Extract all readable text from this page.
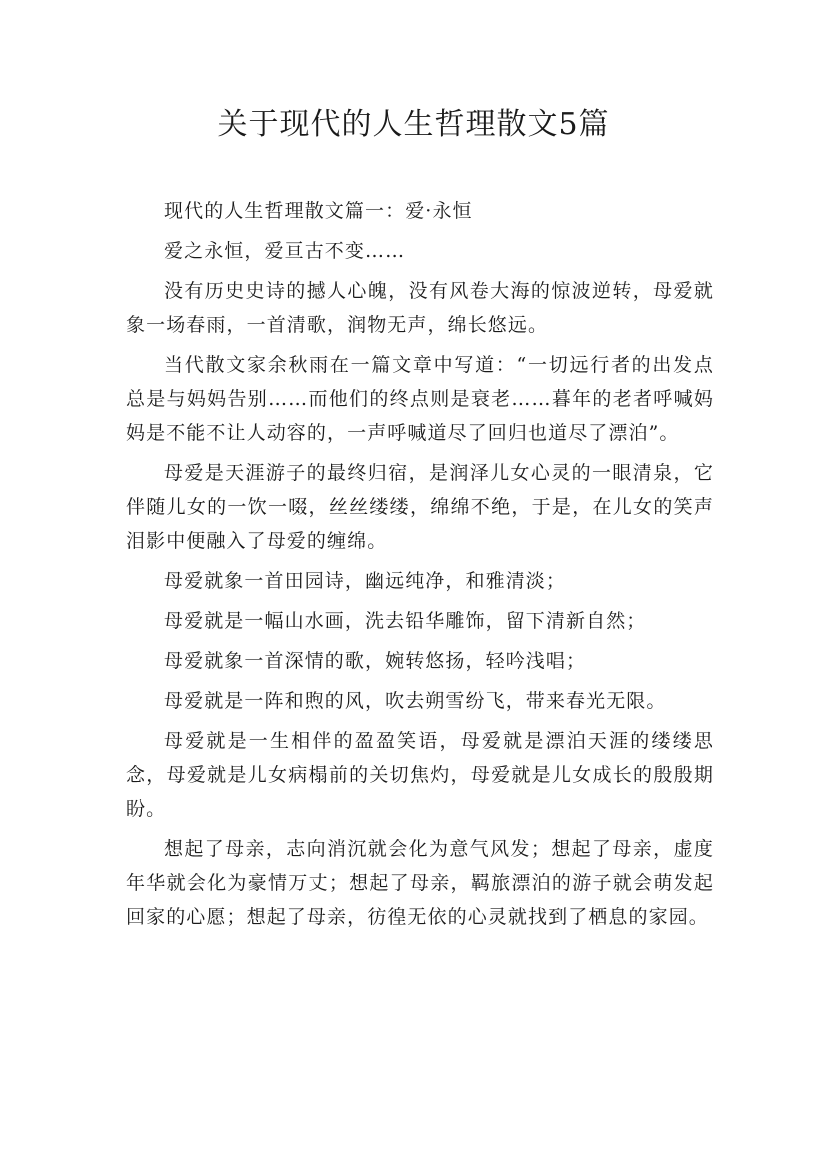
关于现代的人生哲理散文5篇

现代的人生哲理散文篇一：爱·永恒

爱之永恒，爱亘古不变……

没有历史史诗的撼人心魄，没有风卷大海的惊波逆转，母爱就象一场春雨，一首清歌，润物无声，绵长悠远。

当代散文家余秋雨在一篇文章中写道：“一切远行者的出发点总是与妈妈告别……而他们的终点则是衰老……暮年的老者呼喊妈妈是不能不让人动容的，一声呼喊道尽了回归也道尽了漂泊”。

母爱是天涯游子的最终归宿，是润泽儿女心灵的一眼清泉，它伴随儿女的一饮一啜，丝丝缕缕，绵绵不绝，于是，在儿女的笑声泪影中便融入了母爱的缠绵。

母爱就象一首田园诗，幽远纯净，和雅清淡；

母爱就是一幅山水画，洗去铅华雕饰，留下清新自然；

母爱就象一首深情的歌，婉转悠扬，轻吟浅唱；

母爱就是一阵和煦的风，吹去朔雪纷飞，带来春光无限。

母爱就是一生相伴的盈盈笑语，母爱就是漂泊天涯的缕缕思念，母爱就是儿女病榻前的关切焦灼，母爱就是儿女成长的殷殷期盼。

想起了母亲，志向消沉就会化为意气风发；想起了母亲，虚度年华就会化为豪情万丈；想起了母亲，羁旅漂泊的游子就会萌发起回家的心愿；想起了母亲，彷徨无依的心灵就找到了栖息的家园。
